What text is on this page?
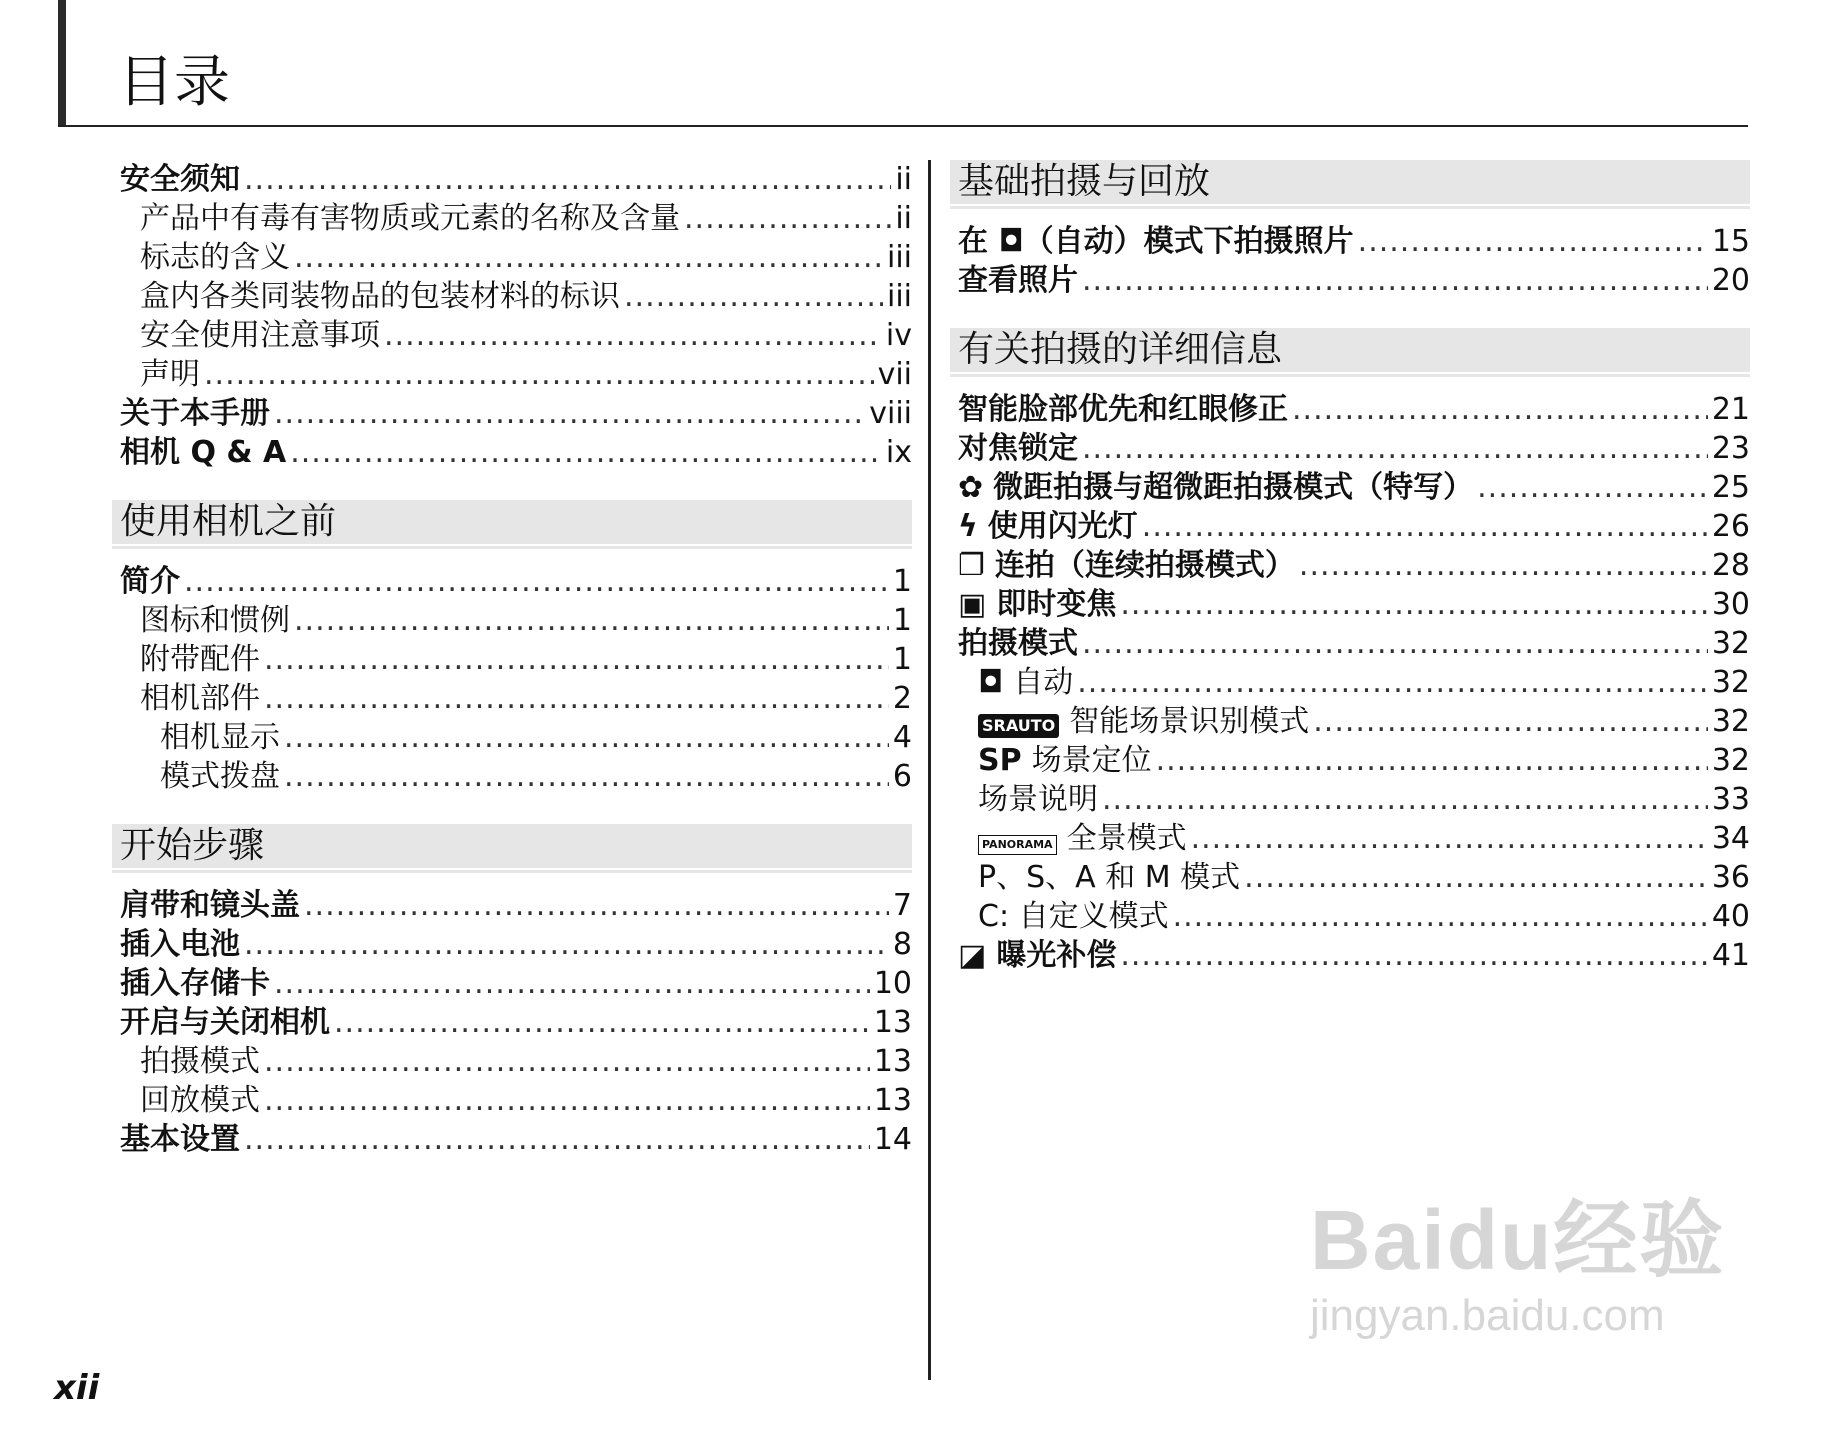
目录
安全须知 .....	ii
产品中有毒有害物质或元素的名称及含量 .....	ii
标志的含义 .....	iii
盒内各类同装物品的包装材料的标识 .....	iii
安全使用注意事项 .....	iv
声明 .....	vii
关于本手册 .....	viii
相机 Q & A .....	ix
使用相机之前
简介 .....	1
图标和惯例 .....	1
附带配件 .....	1
相机部件 .....	2
相机显示 .....	4
模式拨盘 .....	6
开始步骤
肩带和镜头盖 .....	7
插入电池 .....	8
插入存储卡 .....	10
开启与关闭相机 .....	13
拍摄模式 .....	13
回放模式 .....	13
基本设置 .....	14
基础拍摄与回放
在 ◘（自动）模式下拍摄照片 .....	15
查看照片 .....	20
有关拍摄的详细信息
智能脸部优先和红眼修正 .....	21
对焦锁定 .....	23
✿ 微距拍摄与超微距拍摄模式（特写） .....	25
ϟ 使用闪光灯 .....	26
❐ 连拍（连续拍摄模式） .....	28
▣ 即时变焦 .....	30
拍摄模式 .....	32
◘ 自动 .....	32
SRAUTO 智能场景识别模式 .....	32
SP 场景定位 .....	32
场景说明 .....	33
PANORAMA 全景模式 .....	34
P、S、A 和 M 模式 .....	36
C: 自定义模式 .....	40
◪ 曝光补偿 .....	41
xii
Baidu经验
jingyan.baidu.com
